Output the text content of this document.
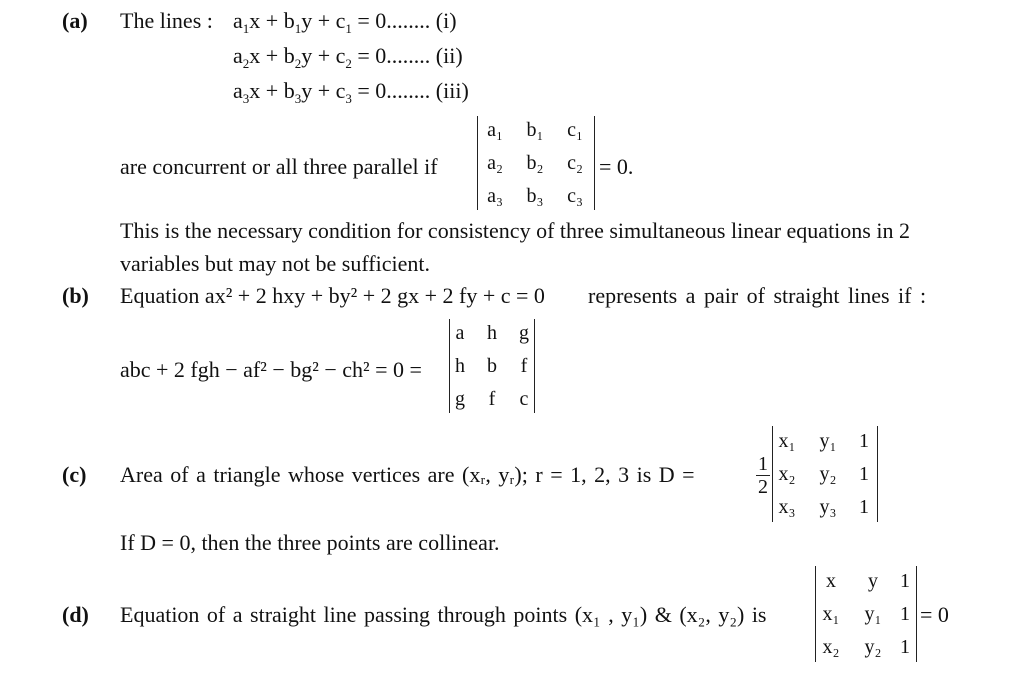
(a) The lines : $a_1x + b_1y + c_1 = 0$........ (i)
$a_2x + b_2y + c_2 = 0$........ (ii)
$a_3x + b_3y + c_3 = 0$........ (iii)
are concurrent or all three parallel if
a₁	b₁	c₁
a₂	b₂	c₂
a₃	b₃	c₃
= 0.
This is the necessary condition for consistency of three simultaneous linear equations in 2
variables but may not be sufficient.
(b) Equation ax² + 2 hxy + by² + 2 gx + 2 fy + c = 0 represents a pair of straight lines if :
abc + 2 fgh − af² − bg² − ch² = 0 =
a	h	g
h	b	f
g	f	c
(c) Area of a triangle whose vertices are (xᵣ, yᵣ); r = 1, 2, 3 is D =	1
2
x₁	y₁	1
x₂	y₂	1
x₃	y₃	1
If D = 0, then the three points are collinear.
(d) Equation of a straight line passing through points (x₁ , y₁) & (x₂, y₂) is
x	y	1
x₁	y₁ 1
x₂	y₂ 1
= 0
